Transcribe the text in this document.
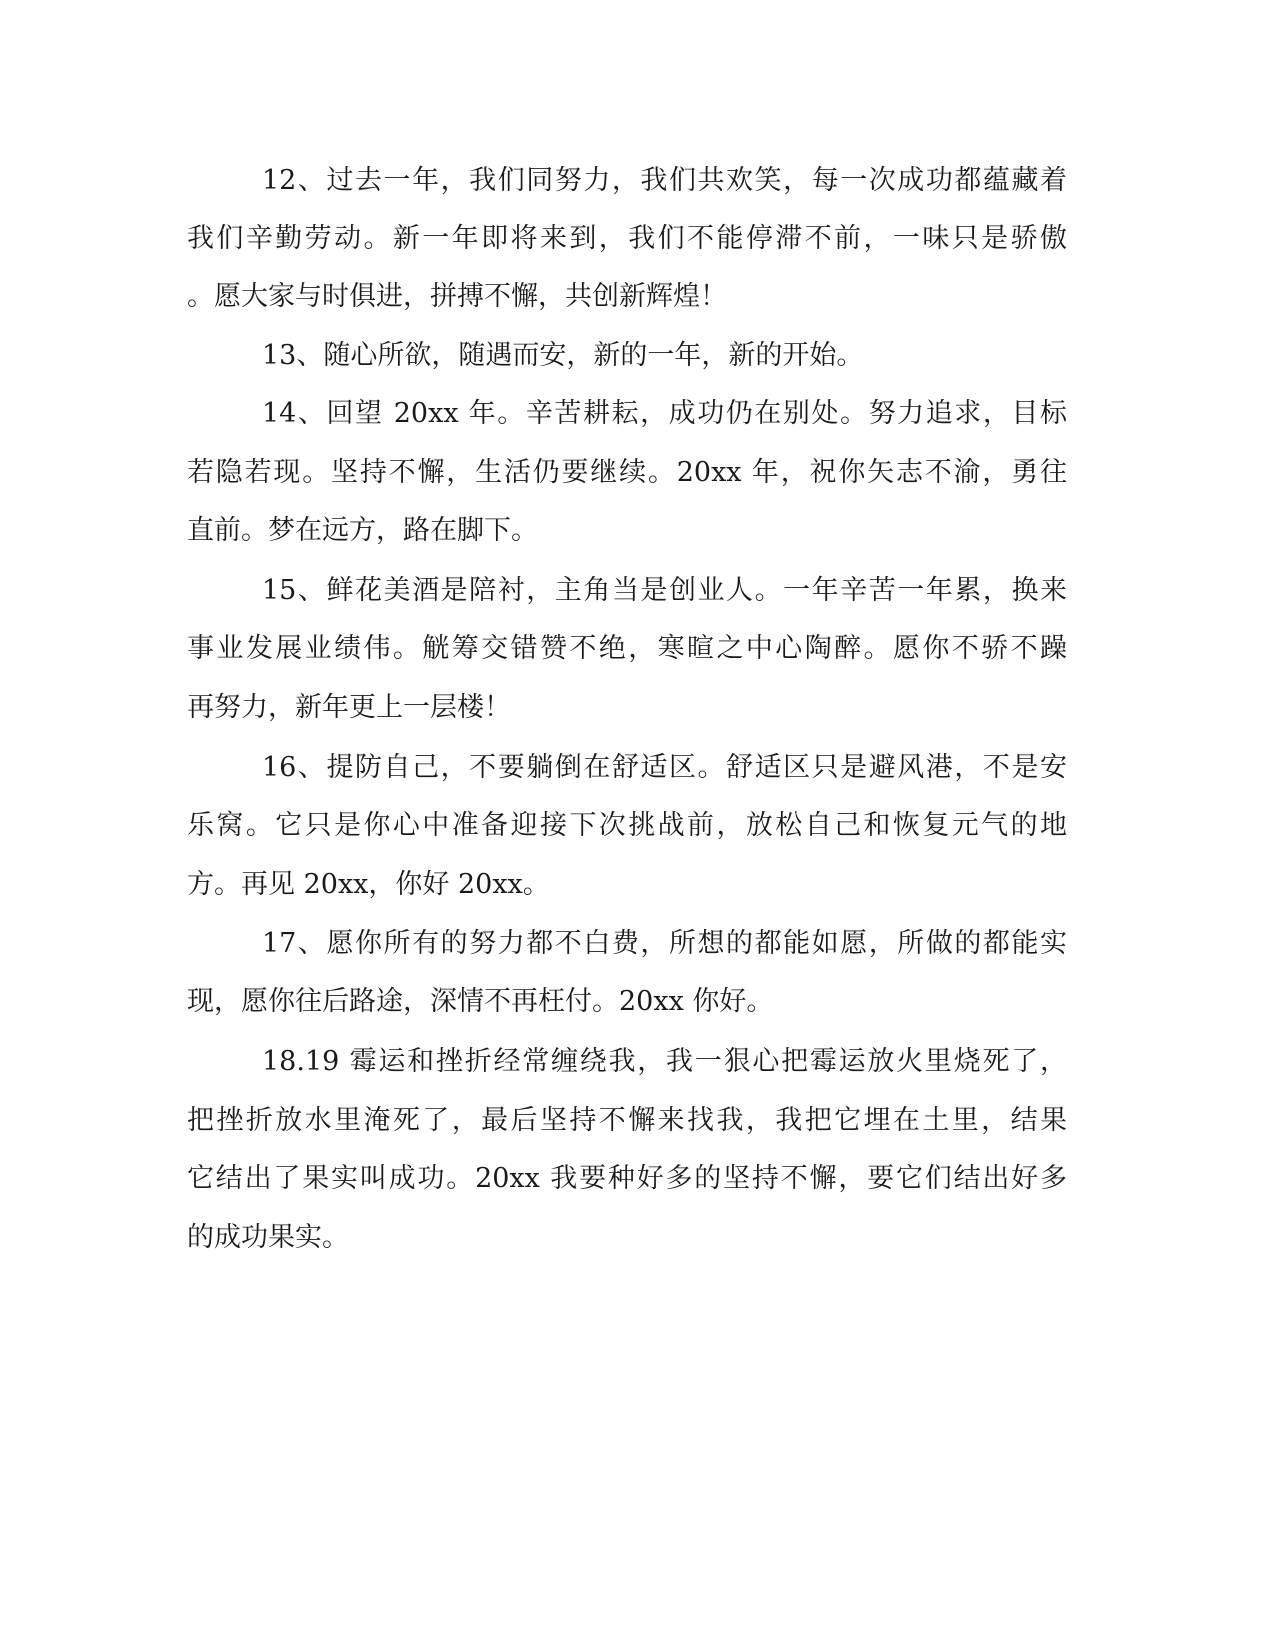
12、过去一年，我们同努力，我们共欢笑，每一次成功都蕴藏着
我们辛勤劳动。新一年即将来到，我们不能停滞不前，一味只是骄傲
。愿大家与时俱进，拼搏不懈，共创新辉煌！
13、随心所欲，随遇而安，新的一年，新的开始。
14、回望 20xx 年。辛苦耕耘，成功仍在别处。努力追求，目标
若隐若现。坚持不懈，生活仍要继续。20xx 年，祝你矢志不渝，勇往
直前。梦在远方，路在脚下。
15、鲜花美酒是陪衬，主角当是创业人。一年辛苦一年累，换来
事业发展业绩伟。觥筹交错赞不绝，寒暄之中心陶醉。愿你不骄不躁
再努力，新年更上一层楼！
16、提防自己，不要躺倒在舒适区。舒适区只是避风港，不是安
乐窝。它只是你心中准备迎接下次挑战前，放松自己和恢复元气的地
方。再见 20xx，你好 20xx。
17、愿你所有的努力都不白费，所想的都能如愿，所做的都能实
现，愿你往后路途，深情不再枉付。20xx 你好。
18.19 霉运和挫折经常缠绕我，我一狠心把霉运放火里烧死了，
把挫折放水里淹死了，最后坚持不懈来找我，我把它埋在土里，结果
它结出了果实叫成功。20xx 我要种好多的坚持不懈，要它们结出好多
的成功果实。
